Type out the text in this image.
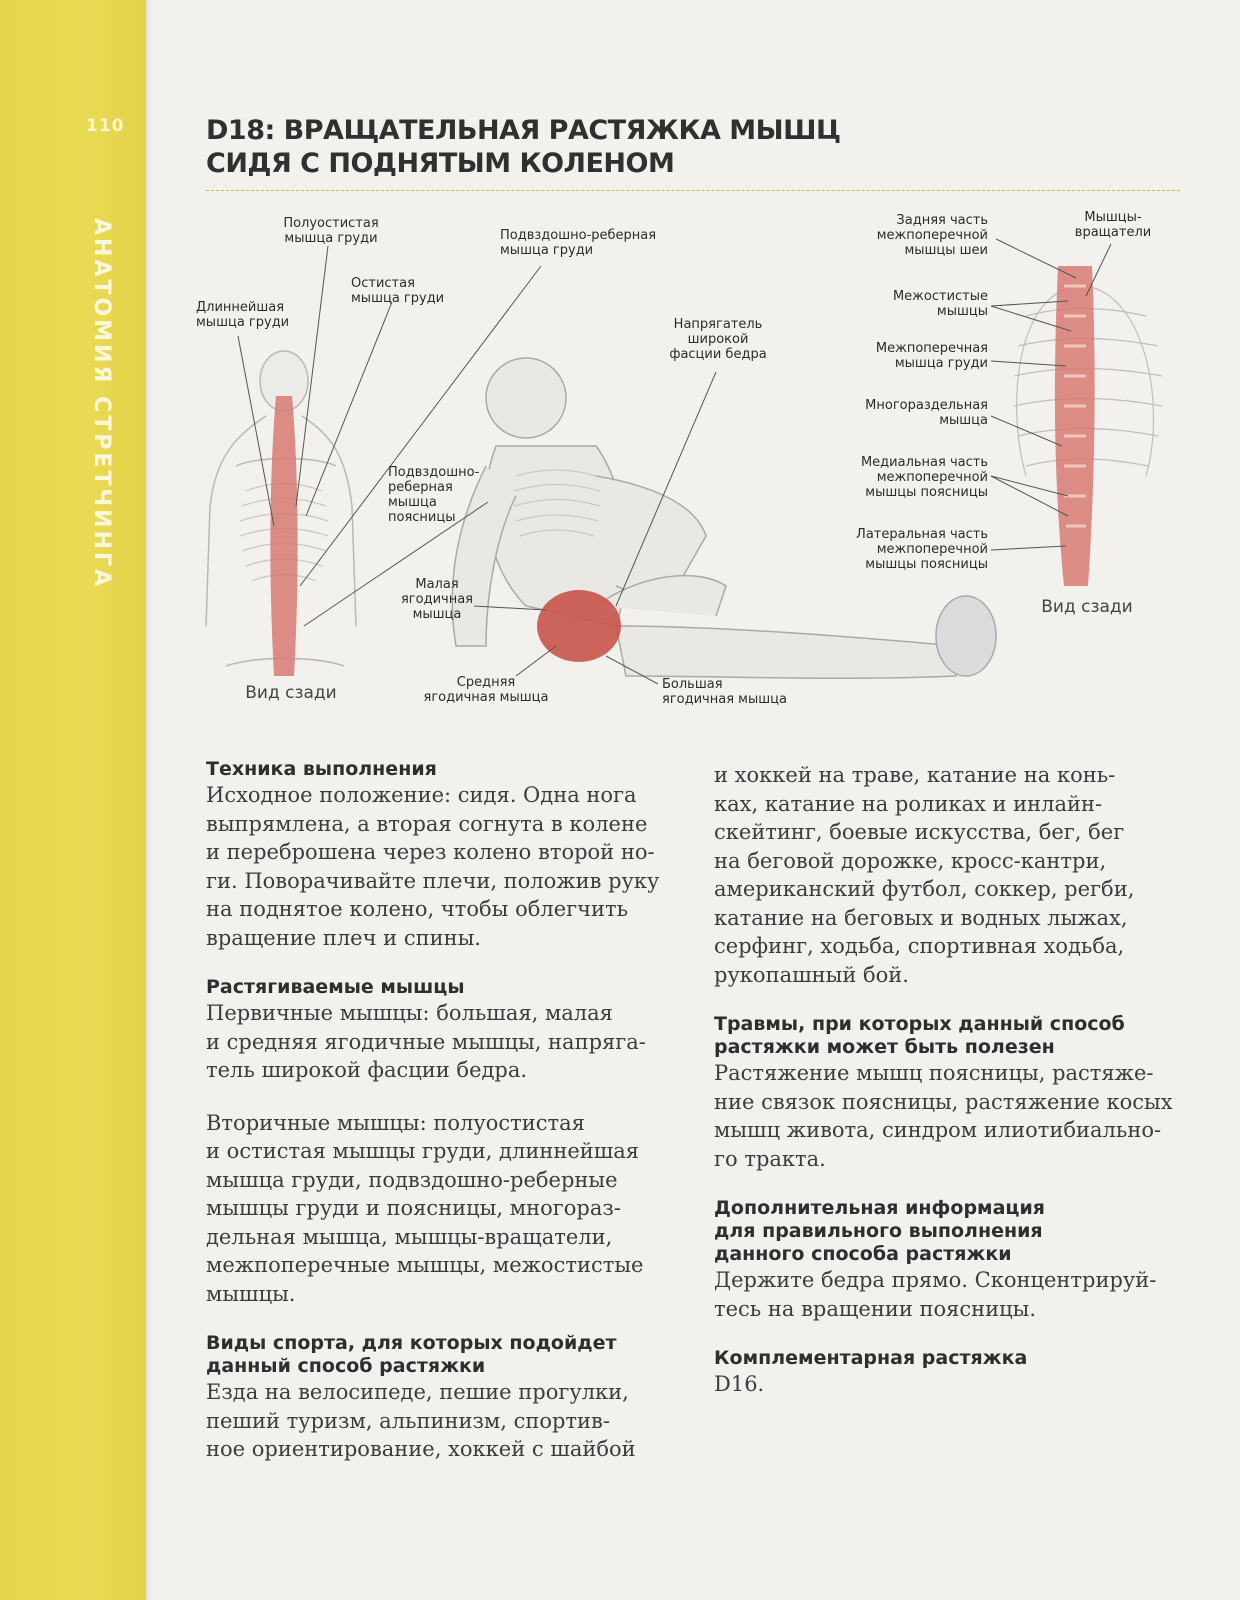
110
АНАТОМИЯ СТРЕТЧИНГА
D18: ВРАЩАТЕЛЬНАЯ РАСТЯЖКА МЫШЦ
СИДЯ С ПОДНЯТЫМ КОЛЕНОМ

Полуостистая
мышца груди	Подвздошно-реберная
мышца груди

Остистая
мышца груди

Длиннейшая
мышца груди	Напрягатель
широкой
фасции бедра

Подвздошно-
реберная
мышца
поясницы

Малая
ягодичная
мышца

Средняя
ягодичная мышца

Большая
ягодичная мышца

Вид сзади

Задняя часть
межпоперечной
мышцы шеи

Мышцы-
вращатели

Межостистые
мышцы

Межпоперечная
мышца груди

Многораздельная
мышца

Медиальная часть
межпоперечной
мышцы поясницы

Латеральная часть
межпоперечной
мышцы поясницы

Вид сзади

Техника выполнения

Исходное положение: сидя. Одна нога
выпрямлена, а вторая согнута в колене
и переброшена через колено второй но-
ги. Поворачивайте плечи, положив руку
на поднятое колено, чтобы облегчить
вращение плеч и спины.

Растягиваемые мышцы

Первичные мышцы: большая, малая
и средняя ягодичные мышцы, напряга-
тель широкой фасции бедра.

Вторичные мышцы: полуостистая
и остистая мышцы груди, длиннейшая
мышца груди, подвздошно-реберные
мышцы груди и поясницы, многораз-
дельная мышца, мышцы-вращатели,
межпоперечные мышцы, межостистые
мышцы.

Виды спорта, для которых подойдет
данный способ растяжки

Езда на велосипеде, пешие прогулки,
пеший туризм, альпинизм, спортив-
ное ориентирование, хоккей с шайбой

и хоккей на траве, катание на конь-
ках, катание на роликах и инлайн-
скейтинг, боевые искусства, бег, бег
на беговой дорожке, кросс-кантри,
американский футбол, соккер, регби,
катание на беговых и водных лыжах,
серфинг, ходьба, спортивная ходьба,
рукопашный бой.

Травмы, при которых данный способ
растяжки может быть полезен

Растяжение мышц поясницы, растяже-
ние связок поясницы, растяжение косых
мышц живота, синдром илиотибиально-
го тракта.

Дополнительная информация
для правильного выполнения
данного способа растяжки

Держите бедра прямо. Сконцентрируй-
тесь на вращении поясницы.

Комплементарная растяжка

D16.
